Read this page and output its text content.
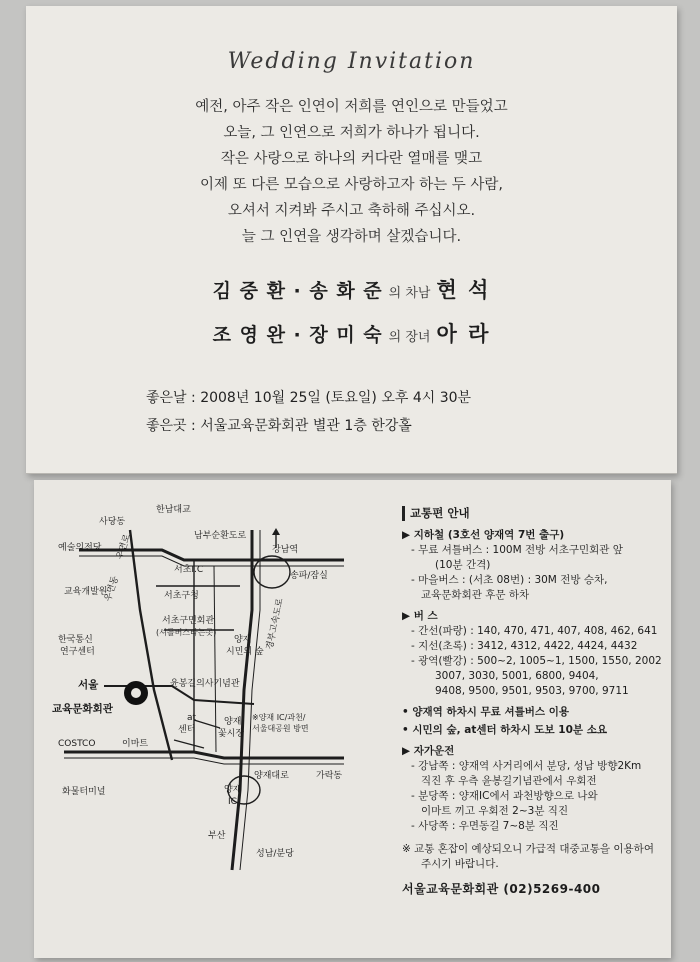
Wedding Invitation
예전, 아주 작은 인연이 저희를 연인으로 만들었고
오늘, 그 인연으로 저희가 하나가 됩니다.
작은 사랑으로 하나의 커다란 열매를 맺고
이제 또 다른 모습으로 사랑하고자 하는 두 사람,
오셔서 지켜봐 주시고 축하해 주십시오.
늘 그 인연을 생각하며 살겠습니다.
김 중 환 · 송 화 준 의 차남 현 석
조 영 완 · 장 미 숙 의 장녀 아 라
좋은날 : 2008년 10월 25일 (토요일) 오후 4시 30분
좋은곳 : 서울교육문화회관 별관 1층 한강홀
한남대교
사당동
남부순환도로
예술의전당	강남역
서초I.C
우면로
송파/잠실
교육개발원	서초구청
우면동
서초구민회관
(셔틀버스타는곳)
한국통신
연구센터
양재
시민의 숲
경부고속도로
윤봉길의사기념관
at
센터
양재
꽃시장
※양재 IC/과천/
서울대공원 방면
COSTCO	이마트
양재대로	가락동
화물터미널	양재
IC
부산
성남/분당
서울
교육문화회관
교통편 안내
▶ 지하철 (3호선 양재역 7번 출구)
- 무료 셔틀버스 : 100M 전방 서초구민회관 앞
(10분 간격)
- 마을버스 : (서초 08번) : 30M 전방 승차,
교육문화회관 후문 하차
▶ 버 스
- 간선(파랑) : 140, 470, 471, 407, 408, 462, 641
- 지선(초록) : 3412, 4312, 4422, 4424, 4432
- 광역(빨강) : 500~2, 1005~1, 1500, 1550, 2002
3007, 3030, 5001, 6800, 9404,
9408, 9500, 9501, 9503, 9700, 9711
• 양재역 하차시 무료 셔틀버스 이용
• 시민의 숲, at센터 하차시 도보 10분 소요
▶ 자가운전
- 강남쪽 : 양재역 사거리에서 분당, 성남 방향2Km
직진 후 우측 윤봉길기념관에서 우회전
- 분당쪽 : 양재IC에서 과천방향으로 나와
이마트 끼고 우회전 2~3분 직진
- 사당쪽 : 우면동길 7~8분 직진
※ 교통 혼잡이 예상되오니 가급적 대중교통을 이용하여
주시기 바랍니다.
서울교육문화회관 (02)5269-400
